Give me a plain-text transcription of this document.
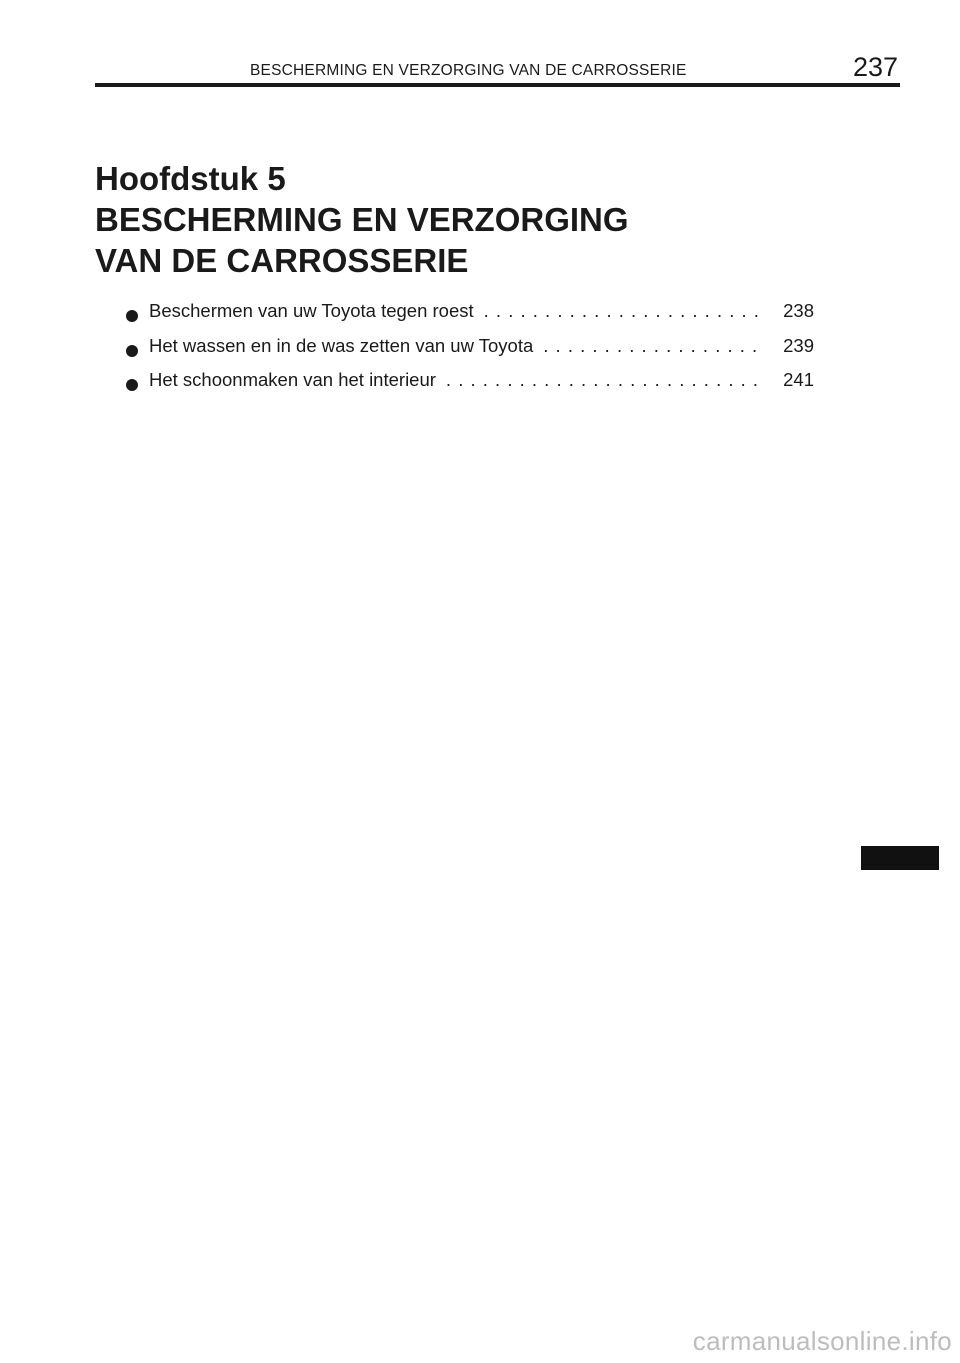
BESCHERMING EN VERZORGING VAN DE CARROSSERIE	237
Hoofdstuk 5
BESCHERMING EN VERZORGING
VAN DE CARROSSERIE
Beschermen van uw Toyota tegen roest . . .	238
Het wassen en in de was zetten van uw Toyota . . .	239
Het schoonmaken van het interieur . . .	241
carmanualsonline.info
